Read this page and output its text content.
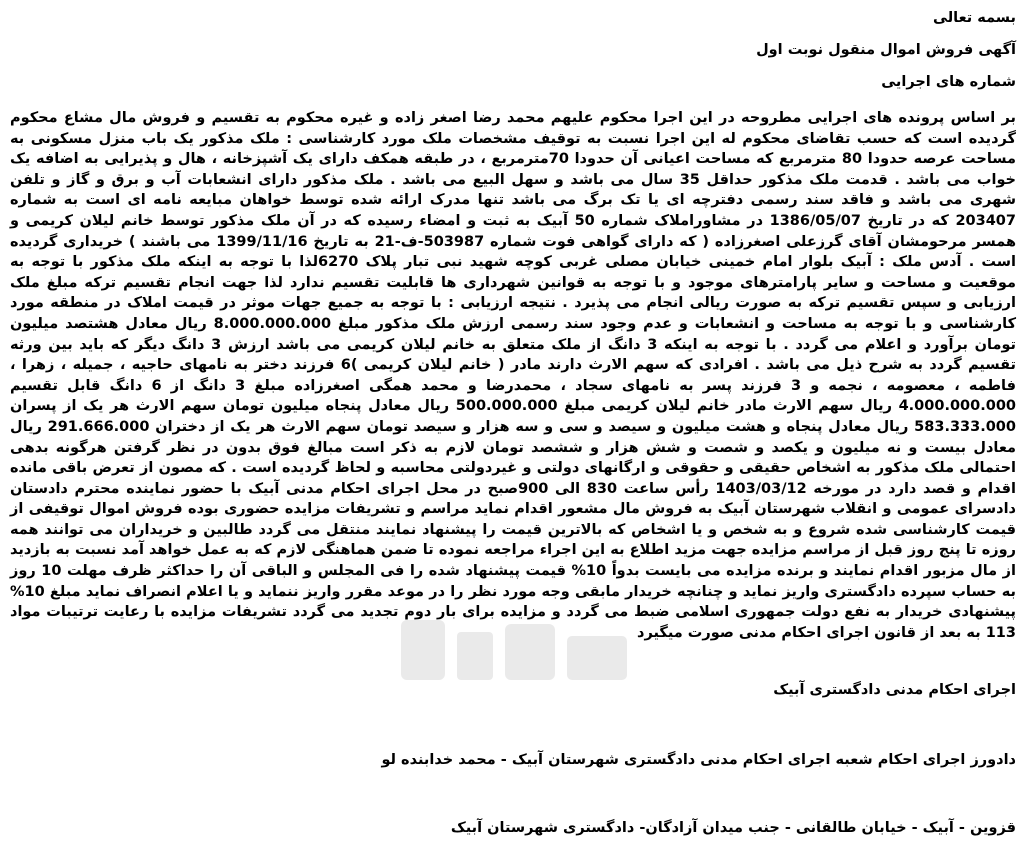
بسمه تعالی
آگهی فروش اموال منقول نوبت اول
شماره های اجرایی
بر اساس پرونده های اجرایی مطروحه در این اجرا محکوم علیهم محمد رضا اصغر زاده و غیره محکوم به تقسیم و فروش مال مشاع محکوم گردیده است که حسب تقاضای محکوم له این اجرا نسبت به توقیف مشخصات ملک مورد کارشناسی : ملک مذکور یک باب منزل مسکونی به مساحت عرصه حدودا 80 مترمربع که مساحت اعیانی آن حدودا 70مترمربع ، در طبقه همکف دارای یک آشپزخانه ، هال و پذیرایی به اضافه یک خواب می باشد . قدمت ملک مذکور حداقل 35 سال می باشد و سهل البیع می باشد . ملک مذکور دارای انشعابات آب و برق و گاز و تلفن شهری می باشد و فاقد سند رسمی دفترچه ای یا تک برگ می باشد تنها مدرک ارائه شده توسط خواهان مبایعه نامه ای است به شماره 203407 که در تاریخ 1386/05/07 در مشاوراملاک شماره 50 آبیک به ثبت و امضاء رسیده که در آن ملک مذکور توسط خانم لیلان کریمی و همسر مرحومشان آقای گرزعلی اصغرزاده ( که دارای گواهی فوت شماره 503987-ف-21 به تاریخ 1399/11/16 می باشند ) خریداری گردیده است . آدس ملک : آبیک بلوار امام خمینی خیابان مصلی غربی کوچه شهید نبی تبار پلاک 6270لذا با توجه به اینکه ملک مذکور با توجه به موقعیت و مساحت و سایر پارامترهای موجود و با توجه به قوانین شهرداری ها قابلیت تقسیم ندارد لذا جهت انجام تقسیم ترکه مبلغ ملک ارزیابی و سپس تقسیم ترکه به صورت ریالی انجام می پذیرد . نتیجه ارزیابی : با توجه به جمیع جهات موثر در قیمت املاک در منطقه مورد کارشناسی و با توجه به مساحت و انشعابات و عدم وجود سند رسمی ارزش ملک مذکور مبلغ 8.000.000.000 ریال معادل هشتصد میلیون تومان برآورد و اعلام می گردد . با توجه به اینکه 3 دانگ از ملک متعلق به خانم لیلان کریمی می باشد ارزش 3 دانگ دیگر که باید بین ورثه تقسیم گردد به شرح ذیل می باشد . افرادی که سهم الارث دارند مادر ( خانم لیلان کریمی )6 فرزند دختر به نامهای حاجیه ، جمیله ، زهرا ، فاطمه ، معصومه ، نجمه و 3 فرزند پسر به نامهای سجاد ، محمدرضا و محمد همگی اصغرزاده مبلغ 3 دانگ از 6 دانگ قابل تقسیم 4.000.000.000 ریال سهم الارث مادر خانم لیلان کریمی مبلغ 500.000.000 ریال معادل پنجاه میلیون تومان سهم الارث هر یک از پسران 583.333.000 ریال معادل پنجاه و هشت میلیون و سیصد و سی و سه هزار و سیصد تومان سهم الارث هر یک از دختران 291.666.000 ریال معادل بیست و نه میلیون و یکصد و شصت و شش هزار و ششصد تومان لازم به ذکر است مبالغ فوق بدون در نظر گرفتن هرگونه بدهی احتمالی ملک مذکور به اشخاص حقیقی و حقوقی و ارگانهای دولتی و غیردولتی محاسبه و لحاظ گردیده است . که مصون از تعرض باقی مانده اقدام و قصد دارد در مورخه 1403/03/12 رأس ساعت 830 الی 900صبح در محل اجرای احکام مدنی آبیک با حضور نماینده محترم دادستان دادسرای عمومی و انقلاب شهرستان آبیک به فروش مال مشعور اقدام نماید مراسم و تشریفات مزایده حضوری بوده فروش اموال توقیفی از قیمت کارشناسی شده شروع و به شخص و یا اشخاص که بالاترین قیمت را پیشنهاد نمایند منتقل می گردد طالبین و خریداران می توانند همه روزه تا پنج روز قبل از مراسم مزایده جهت مزید اطلاع به این اجراء مراجعه نموده تا ضمن هماهنگی لازم که به عمل خواهد آمد نسبت به بازدید از مال مزبور اقدام نمایند و برنده مزایده می بایست بدواً 10% قیمت پیشنهاد شده را فی المجلس و الباقی آن را حداکثر ظرف مهلت 10 روز به حساب سپرده دادگستری واریز نماید و چنانچه خریدار مابقی وجه مورد نظر را در موعد مقرر واریز ننماید و یا اعلام انصراف نماید مبلغ 10% پیشنهادی خریدار به نفع دولت جمهوری اسلامی ضبط می گردد و مزایده برای بار دوم تجدید می گردد تشریفات مزایده با رعایت ترتیبات مواد 113 به بعد از قانون اجرای احکام مدنی صورت میگیرد
اجرای احکام مدنی دادگستری آبیک
دادورز اجرای احکام شعبه اجرای احکام مدنی دادگستری شهرستان آبیک - محمد خدابنده لو
قزوین - آبیک - خیابان طالقانی - جنب میدان آزادگان- دادگستری شهرستان آبیک
